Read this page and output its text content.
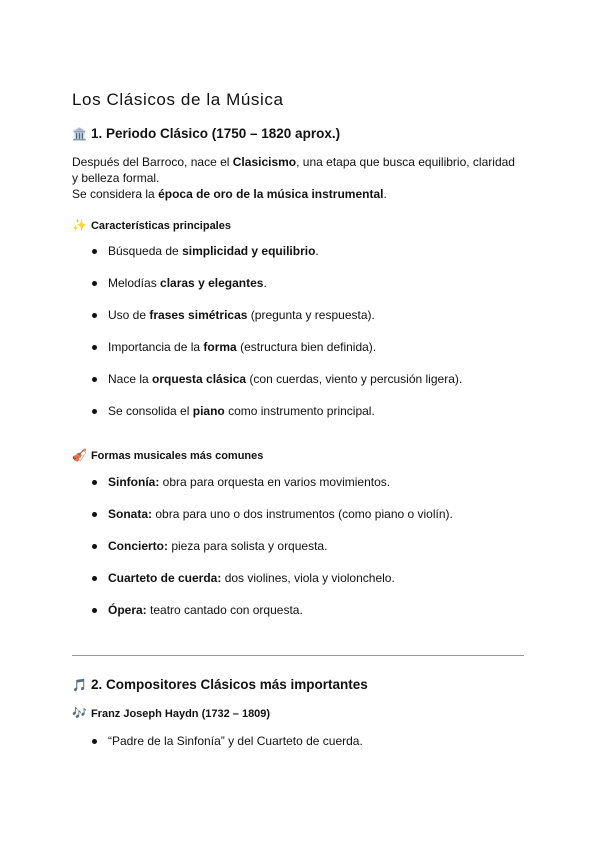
Los Clásicos de la Música
🏛️ 1. Periodo Clásico (1750 – 1820 aprox.)

Después del Barroco, nace el Clasicismo, una etapa que busca equilibrio, claridad

y belleza formal.

Se considera la época de oro de la música instrumental.

✨ Características principales
Búsqueda de simplicidad y equilibrio.
Melodías claras y elegantes.
Uso de frases simétricas (pregunta y respuesta).
Importancia de la forma (estructura bien definida).
Nace la orquesta clásica (con cuerdas, viento y percusión ligera).
Se consolida el piano como instrumento principal.
🎻 Formas musicales más comunes
Sinfonía: obra para orquesta en varios movimientos.
Sonata: obra para uno o dos instrumentos (como piano o violín).
Concierto: pieza para solista y orquesta.
Cuarteto de cuerda: dos violines, viola y violonchelo.
Ópera: teatro cantado con orquesta.
🎵 2. Compositores Clásicos más importantes
🎶 Franz Joseph Haydn (1732 – 1809)
“Padre de la Sinfonía” y del Cuarteto de cuerda.
